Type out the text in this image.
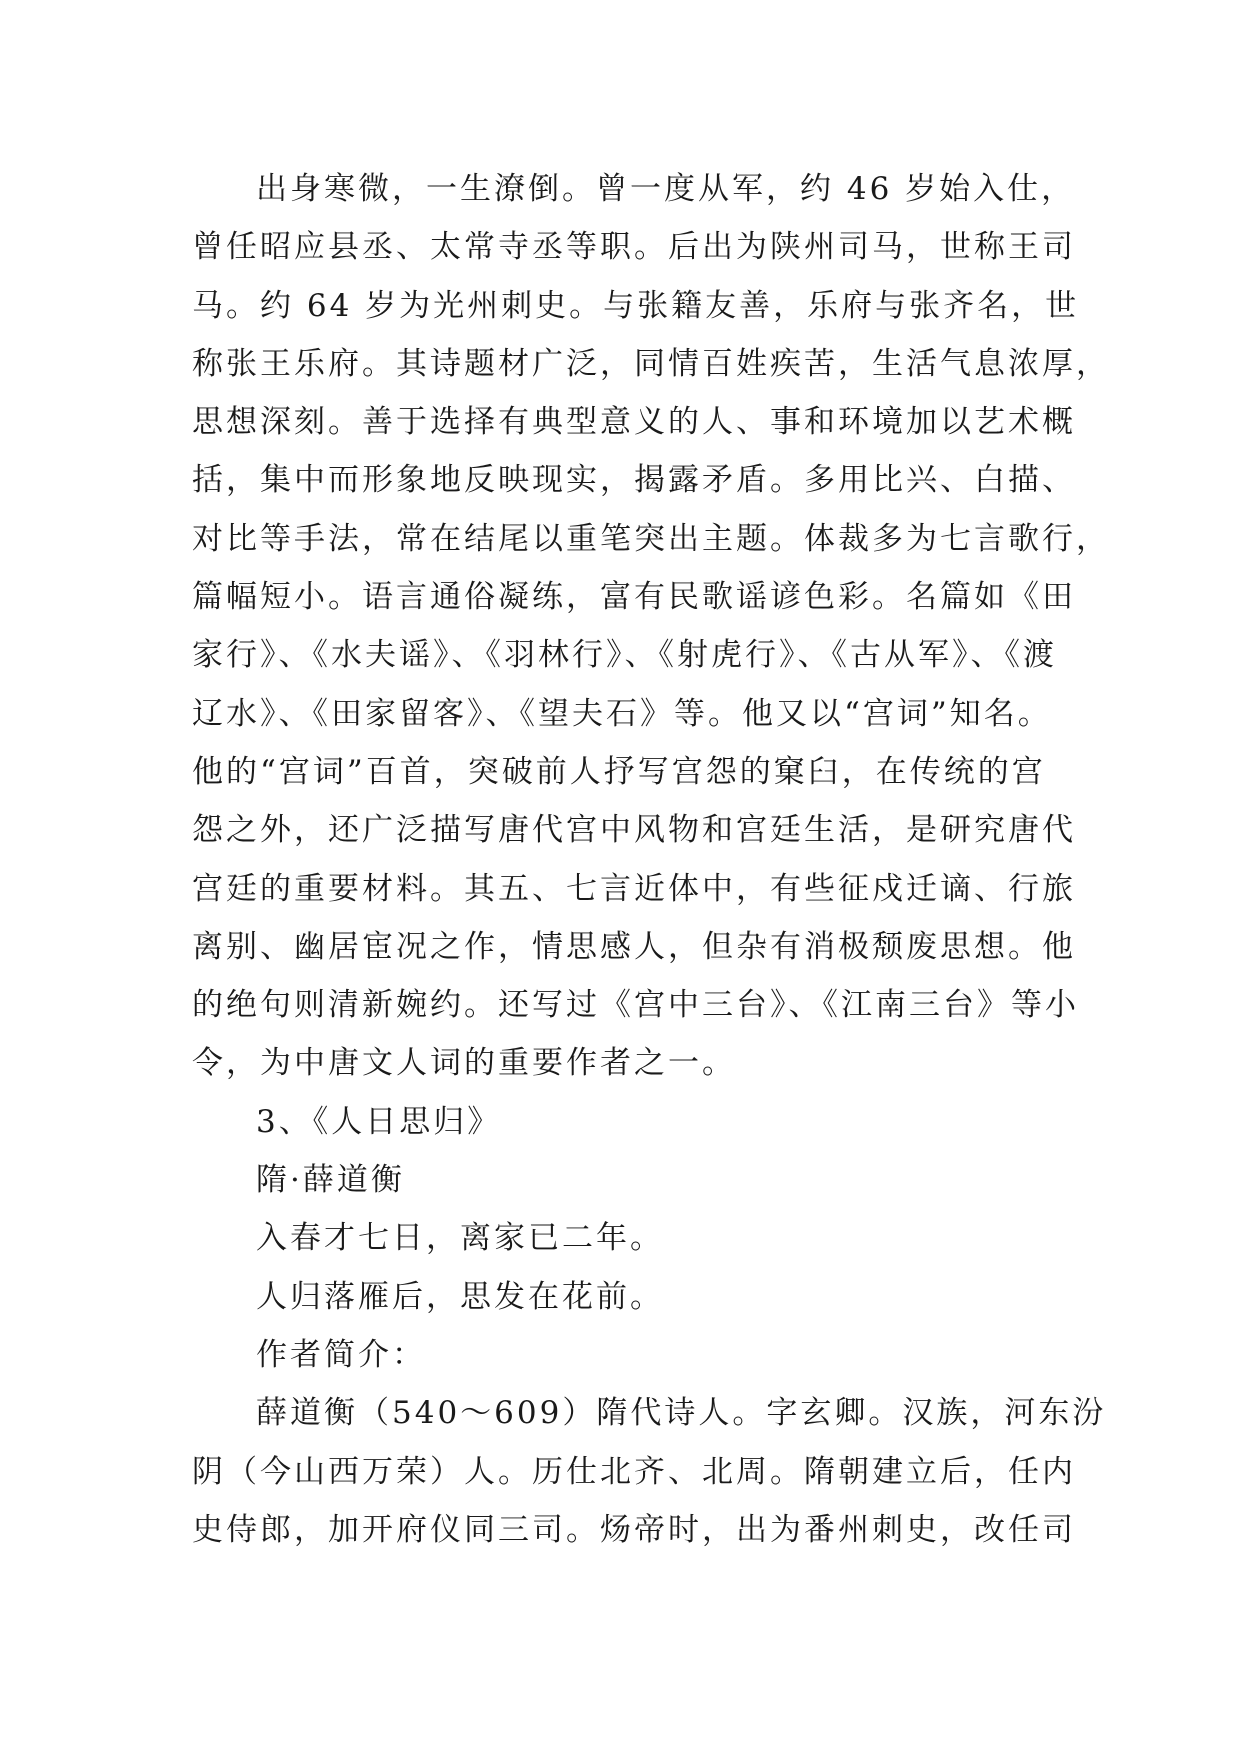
出身寒微，一生潦倒。曾一度从军，约 46 岁始入仕，
曾任昭应县丞、太常寺丞等职。后出为陕州司马，世称王司
马。约 64 岁为光州刺史。与张籍友善，乐府与张齐名，世
称张王乐府。其诗题材广泛，同情百姓疾苦，生活气息浓厚，
思想深刻。善于选择有典型意义的人、事和环境加以艺术概
括，集中而形象地反映现实，揭露矛盾。多用比兴、白描、
对比等手法，常在结尾以重笔突出主题。体裁多为七言歌行，
篇幅短小。语言通俗凝练，富有民歌谣谚色彩。名篇如《田
家行》、《水夫谣》、《羽林行》、《射虎行》、《古从军》、《渡
辽水》、《田家留客》、《望夫石》等。他又以“宫词”知名。
他的“宫词”百首，突破前人抒写宫怨的窠臼，在传统的宫
怨之外，还广泛描写唐代宫中风物和宫廷生活，是研究唐代
宫廷的重要材料。其五、七言近体中，有些征戍迁谪、行旅
离别、幽居宦况之作，情思感人，但杂有消极颓废思想。他
的绝句则清新婉约。还写过《宫中三台》、《江南三台》等小
令，为中唐文人词的重要作者之一。
3、《人日思归》
隋·薛道衡
入春才七日，离家已二年。
人归落雁后，思发在花前。
作者简介：
薛道衡（540～609）隋代诗人。字玄卿。汉族，河东汾
阴（今山西万荣）人。历仕北齐、北周。隋朝建立后，任内
史侍郎，加开府仪同三司。炀帝时，出为番州刺史，改任司
